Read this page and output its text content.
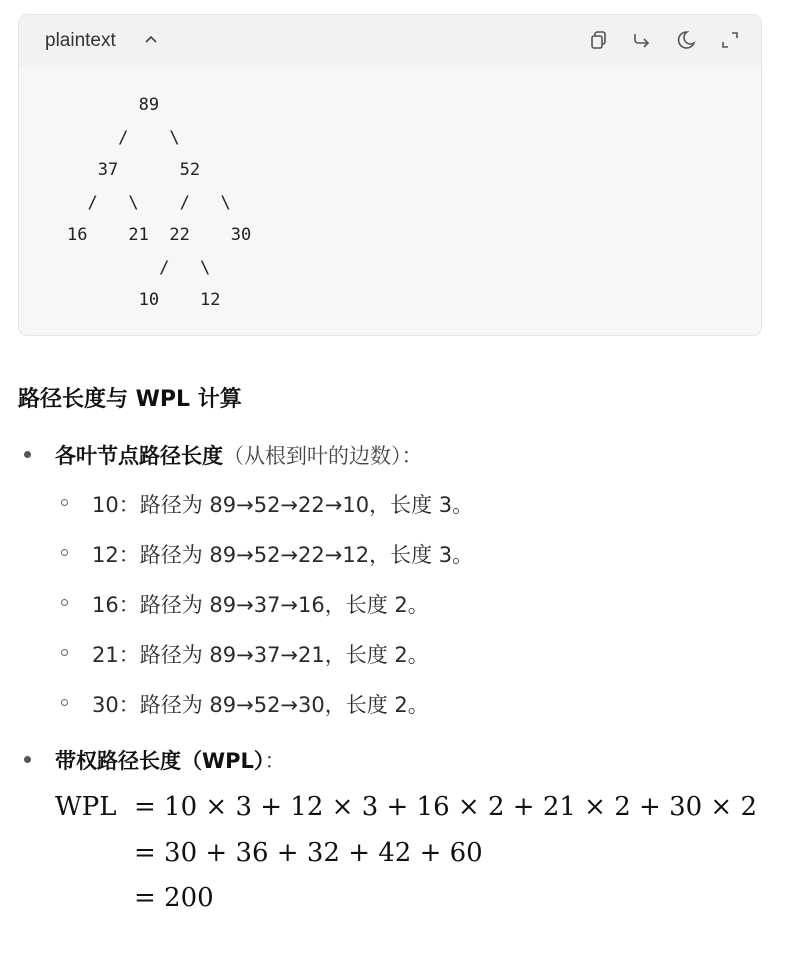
plaintext
89
/    \
37      52
/   \    /   \
16    21  22    30
/   \
10    12
路径长度与 WPL 计算
各叶节点路径长度（从根到叶的边数）：
10：路径为 89→52→22→10，长度 3。
12：路径为 89→52→22→12，长度 3。
16：路径为 89→37→16，长度 2。
21：路径为 89→37→21，长度 2。
30：路径为 89→52→30，长度 2。
带权路径长度（WPL）：
WPL = 10 × 3 + 12 × 3 + 16 × 2 + 21 × 2 + 30 × 2
= 30 + 36 + 32 + 42 + 60
= 200
